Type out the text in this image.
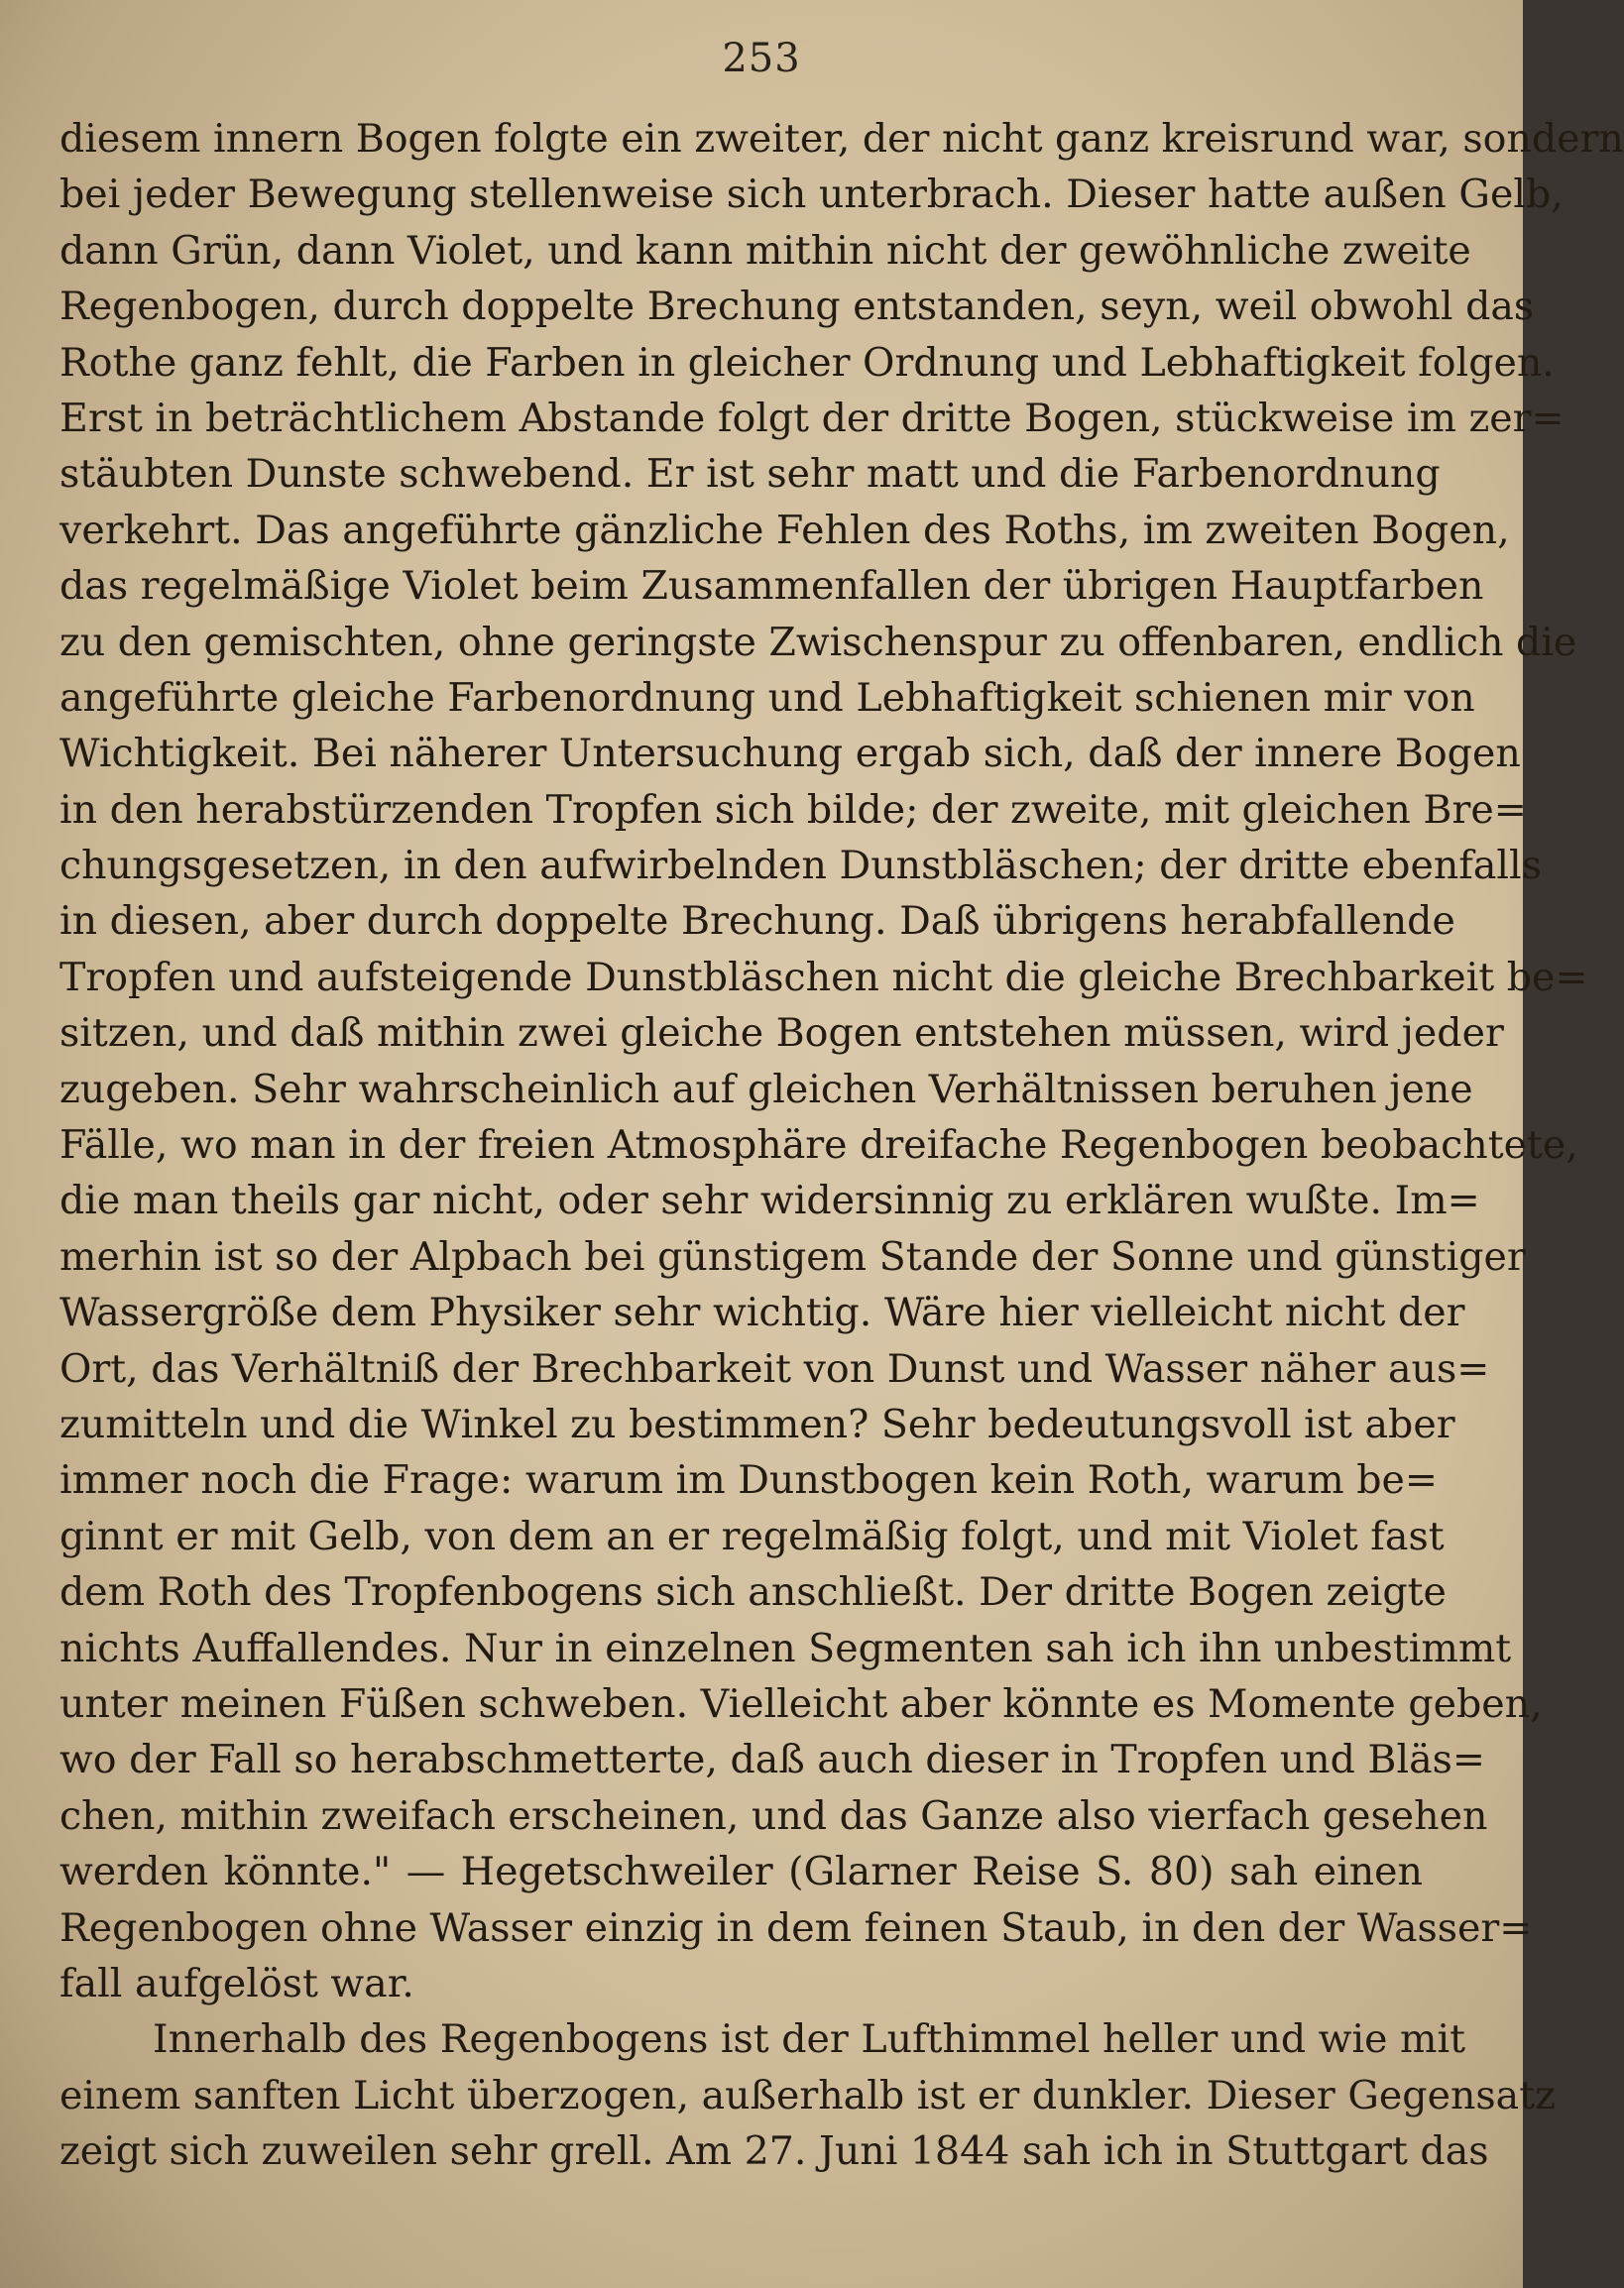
253
diesem innern Bogen folgte ein zweiter, der nicht ganz kreisrund war, sondern
bei jeder Bewegung stellenweise sich unterbrach. Dieser hatte außen Gelb,
dann Grün, dann Violet, und kann mithin nicht der gewöhnliche zweite
Regenbogen, durch doppelte Brechung entstanden, seyn, weil obwohl das
Rothe ganz fehlt, die Farben in gleicher Ordnung und Lebhaftigkeit folgen.
Erst in beträchtlichem Abstande folgt der dritte Bogen, stückweise im zer=
stäubten Dunste schwebend. Er ist sehr matt und die Farbenordnung
verkehrt. Das angeführte gänzliche Fehlen des Roths, im zweiten Bogen,
das regelmäßige Violet beim Zusammenfallen der übrigen Hauptfarben
zu den gemischten, ohne geringste Zwischenspur zu offenbaren, endlich die
angeführte gleiche Farbenordnung und Lebhaftigkeit schienen mir von
Wichtigkeit. Bei näherer Untersuchung ergab sich, daß der innere Bogen
in den herabstürzenden Tropfen sich bilde; der zweite, mit gleichen Bre=
chungsgesetzen, in den aufwirbelnden Dunstbläschen; der dritte ebenfalls
in diesen, aber durch doppelte Brechung. Daß übrigens herabfallende
Tropfen und aufsteigende Dunstbläschen nicht die gleiche Brechbarkeit be=
sitzen, und daß mithin zwei gleiche Bogen entstehen müssen, wird jeder
zugeben. Sehr wahrscheinlich auf gleichen Verhältnissen beruhen jene
Fälle, wo man in der freien Atmosphäre dreifache Regenbogen beobachtete,
die man theils gar nicht, oder sehr widersinnig zu erklären wußte. Im=
merhin ist so der Alpbach bei günstigem Stande der Sonne und günstiger
Wassergröße dem Physiker sehr wichtig. Wäre hier vielleicht nicht der
Ort, das Verhältniß der Brechbarkeit von Dunst und Wasser näher aus=
zumitteln und die Winkel zu bestimmen? Sehr bedeutungsvoll ist aber
immer noch die Frage: warum im Dunstbogen kein Roth, warum be=
ginnt er mit Gelb, von dem an er regelmäßig folgt, und mit Violet fast
dem Roth des Tropfenbogens sich anschließt. Der dritte Bogen zeigte
nichts Auffallendes. Nur in einzelnen Segmenten sah ich ihn unbestimmt
unter meinen Füßen schweben. Vielleicht aber könnte es Momente geben,
wo der Fall so herabschmetterte, daß auch dieser in Tropfen und Bläs=
chen, mithin zweifach erscheinen, und das Ganze also vierfach gesehen
werden könnte." — Hegetschweiler (Glarner Reise S. 80) sah einen
Regenbogen ohne Wasser einzig in dem feinen Staub, in den der Wasser=
fall aufgelöst war.
Innerhalb des Regenbogens ist der Lufthimmel heller und wie mit
einem sanften Licht überzogen, außerhalb ist er dunkler. Dieser Gegensatz
zeigt sich zuweilen sehr grell. Am 27. Juni 1844 sah ich in Stuttgart das
